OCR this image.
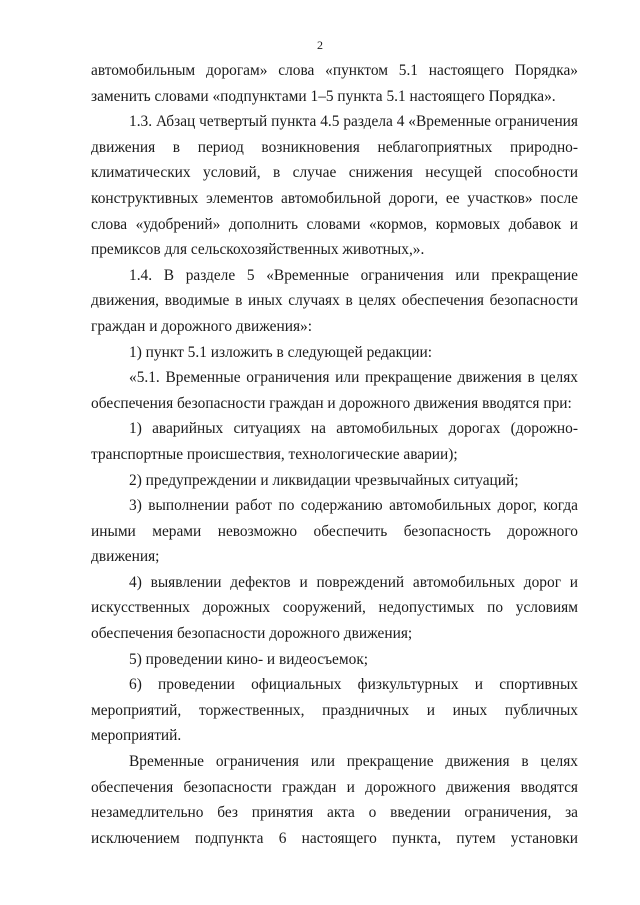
2

автомобильным дорогам» слова «пунктом 5.1 настоящего Порядка» заменить словами «подпунктами 1–5 пункта 5.1 настоящего Порядка».

1.3. Абзац четвертый пункта 4.5 раздела 4 «Временные ограничения движения в период возникновения неблагоприятных природно-климатических условий, в случае снижения несущей способности конструктивных элементов автомобильной дороги, ее участков» после слова «удобрений» дополнить словами «кормов, кормовых добавок и премиксов для сельскохозяйственных животных,».

1.4. В разделе 5 «Временные ограничения или прекращение движения, вводимые в иных случаях в целях обеспечения безопасности граждан и дорожного движения»:

1) пункт 5.1 изложить в следующей редакции:

«5.1. Временные ограничения или прекращение движения в целях обеспечения безопасности граждан и дорожного движения вводятся при:

1) аварийных ситуациях на автомобильных дорогах (дорожно-транспортные происшествия, технологические аварии);

2) предупреждении и ликвидации чрезвычайных ситуаций;

3) выполнении работ по содержанию автомобильных дорог, когда иными мерами невозможно обеспечить безопасность дорожного движения;

4) выявлении дефектов и повреждений автомобильных дорог и искусственных дорожных сооружений, недопустимых по условиям обеспечения безопасности дорожного движения;

5) проведении кино- и видеосъемок;

6) проведении официальных физкультурных и спортивных мероприятий, торжественных, праздничных и иных публичных мероприятий.

Временные ограничения или прекращение движения в целях обеспечения безопасности граждан и дорожного движения вводятся незамедлительно без принятия акта о введении ограничения, за исключением подпункта 6 настоящего пункта, путем установки
